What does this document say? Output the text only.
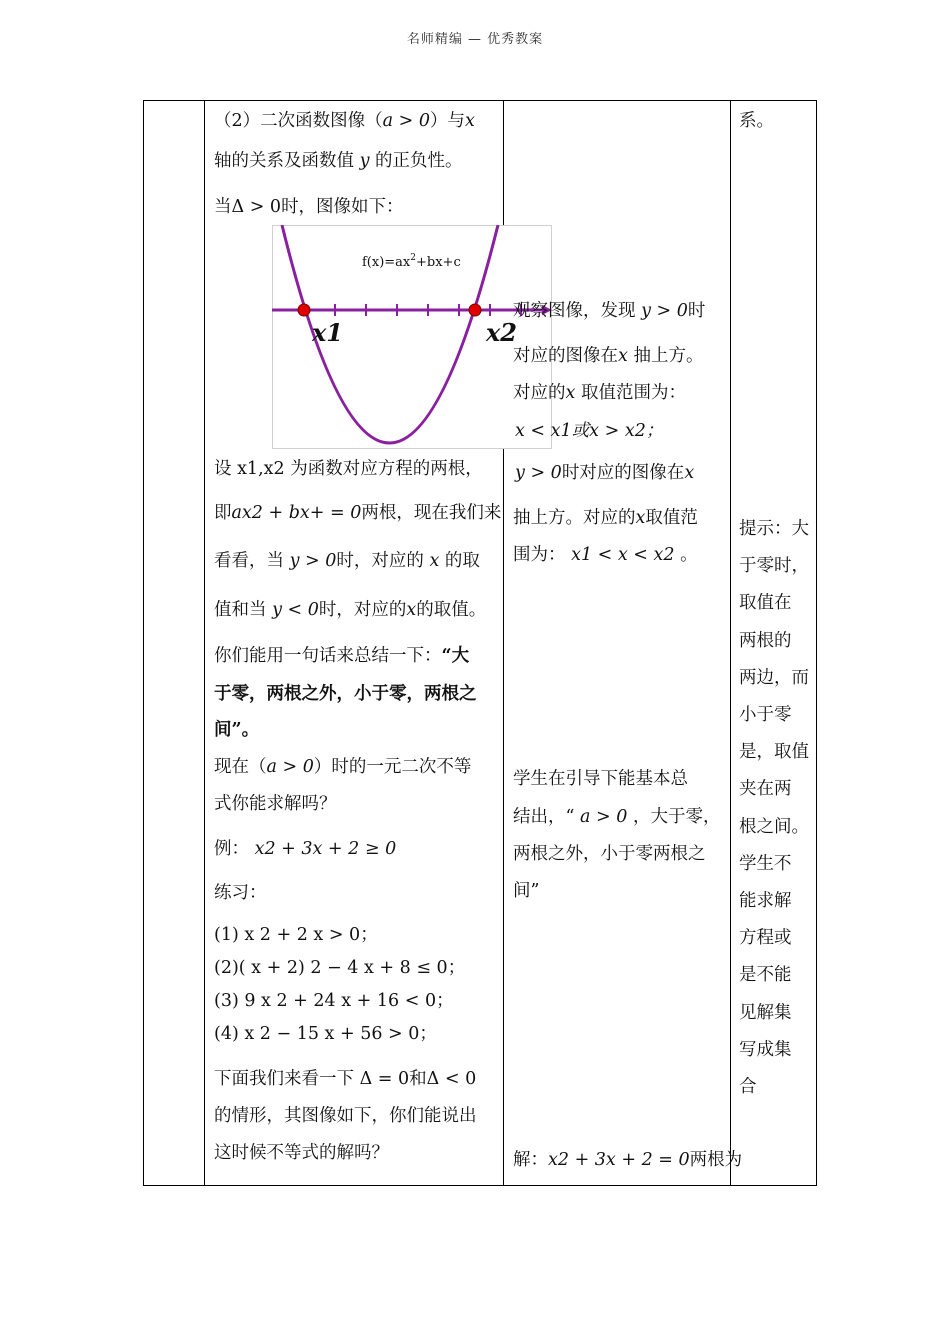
名师精编 — 优秀教案
（2）二次函数图像（a > 0）与x
轴的关系及函数值 y 的正负性。
当Δ > 0时，图像如下：
$f(x)=ax^2+bx+c$
x1	x2
设 x1,x2 为函数对应方程的两根，
即ax2 + bx+ = 0两根，现在我们来
看看，当 y > 0时，对应的 x 的取
值和当 y < 0时，对应的x的取值。
你们能用一句话来总结一下：“大
于零，两根之外，小于零，两根之
间”。
现在（a > 0）时的一元二次不等
式你能求解吗？
例： x2 + 3x + 2 ≥ 0
练习：
(1) x 2 + 2 x > 0；
(2)( x + 2) 2 − 4 x + 8 ≤ 0；
(3) 9 x 2 + 24 x + 16 < 0；
(4) x 2 − 15 x + 56 > 0；
下面我们来看一下 Δ = 0和Δ < 0
的情形，其图像如下，你们能说出
这时候不等式的解吗？
观察图像，发现 y > 0时
对应的图像在x 抽上方。
对应的x 取值范围为：
x < x1或x > x2；
y > 0时对应的图像在x
抽上方。对应的x取值范
围为： x1 < x < x2 。
学生在引导下能基本总
结出，“ a > 0 ，大于零，
两根之外，小于零两根之
间”
解：x2 + 3x + 2 = 0两根为
系。
提示：大
于零时，
取值在
两根的
两边，而
小于零
是，取值
夹在两
根之间。
学生不
能求解
方程或
是不能
见解集
写成集
合
